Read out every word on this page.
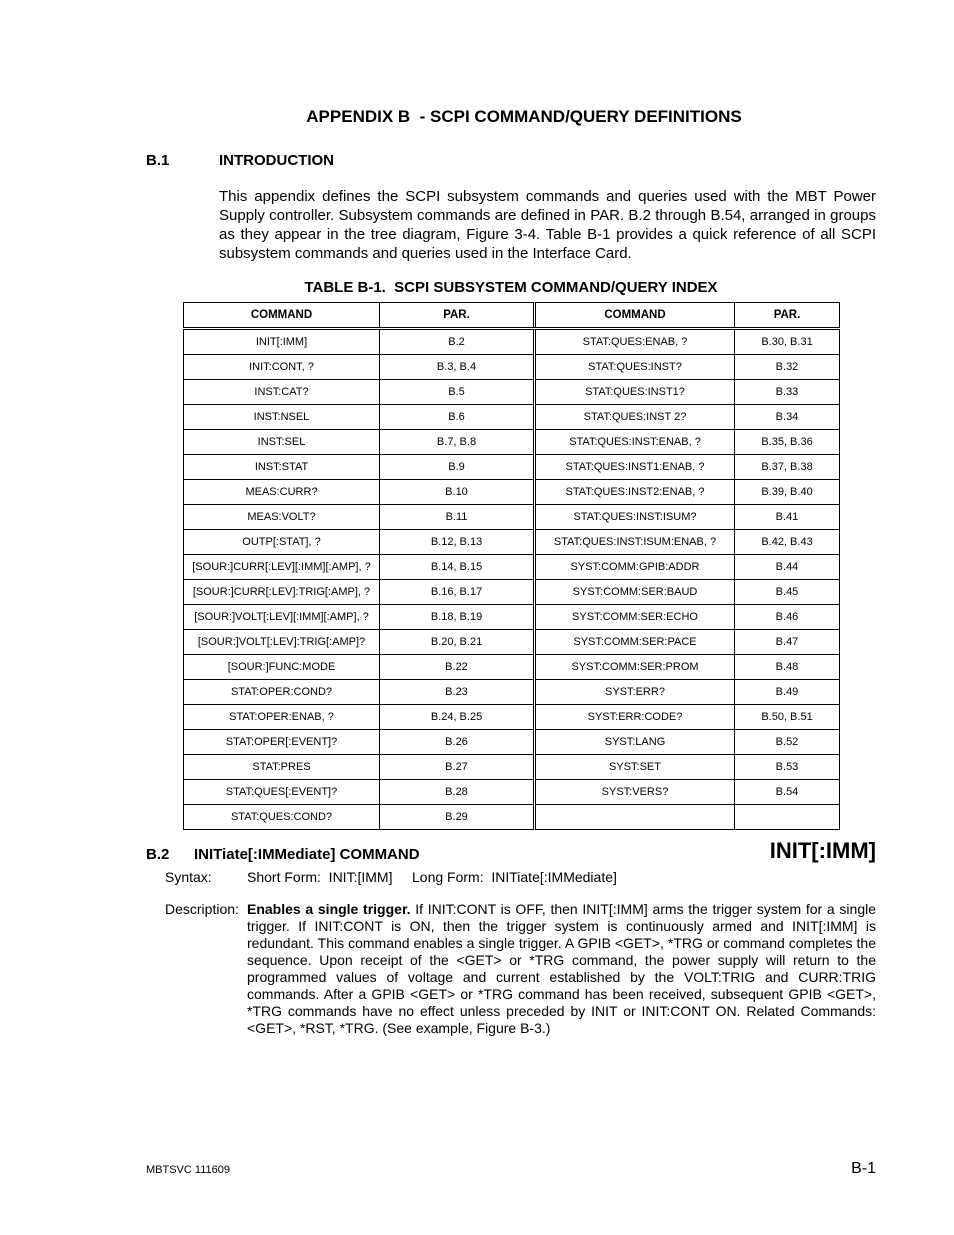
APPENDIX B  - SCPI COMMAND/QUERY DEFINITIONS
B.1	INTRODUCTION
This appendix defines the SCPI subsystem commands and queries used with the MBT Power Supply controller. Subsystem commands are defined in PAR. B.2 through B.54, arranged in groups as they appear in the tree diagram, Figure 3-4. Table B-1 provides a quick reference of all SCPI subsystem commands and queries used in the Interface Card.
TABLE B-1.  SCPI SUBSYSTEM COMMAND/QUERY INDEX
COMMAND	PAR.	COMMAND	PAR.
INIT[:IMM]	B.2	STAT:QUES:ENAB, ?	B.30, B.31
INIT:CONT, ?	B.3, B.4	STAT:QUES:INST?	B.32
INST:CAT?	B.5	STAT:QUES:INST1?	B.33
INST:NSEL	B.6	STAT:QUES:INST 2?	B.34
INST:SEL	B.7, B.8	STAT:QUES:INST:ENAB, ?	B.35, B.36
INST:STAT	B.9	STAT:QUES:INST1:ENAB, ?	B.37, B.38
MEAS:CURR?	B.10	STAT:QUES:INST2:ENAB, ?	B.39, B.40
MEAS:VOLT?	B.11	STAT:QUES:INST:ISUM?	B.41
OUTP[:STAT], ?	B.12, B.13	STAT:QUES:INST:ISUM:ENAB, ?	B.42, B.43
[SOUR:]CURR[:LEV][:IMM][:AMP], ?	B.14, B.15	SYST:COMM:GPIB:ADDR	B.44
[SOUR:]CURR[:LEV]:TRIG[:AMP], ?	B.16, B.17	SYST:COMM:SER:BAUD	B.45
[SOUR:]VOLT[:LEV][:IMM][:AMP], ?	B.18, B.19	SYST:COMM:SER:ECHO	B.46
[SOUR:]VOLT[:LEV]:TRIG[:AMP]?	B.20, B.21	SYST:COMM:SER:PACE	B.47
[SOUR:]FUNC:MODE	B.22	SYST:COMM:SER:PROM	B.48
STAT:OPER:COND?	B.23	SYST:ERR?	B.49
STAT:OPER:ENAB, ?	B.24, B.25	SYST:ERR:CODE?	B.50, B.51
STAT:OPER[:EVENT]?	B.26	SYST:LANG	B.52
STAT:PRES	B.27	SYST:SET	B.53
STAT:QUES[:EVENT]?	B.28	SYST:VERS?	B.54
STAT:QUES:COND?	B.29		
B.2 INITiate[:IMMediate] COMMAND	INIT[:IMM]
Syntax:	Short Form:  INIT:[IMM] Long Form:  INITiate[:IMMediate]
Description: Enables a single trigger. If INIT:CONT is OFF, then INIT[:IMM] arms the trigger system for a single trigger. If INIT:CONT is ON, then the trigger system is continuously armed and INIT[:IMM] is redundant. This command enables a single trigger. A GPIB <GET>, *TRG or command completes the sequence. Upon receipt of the <GET> or *TRG command, the power supply will return to the programmed values of voltage and current established by the VOLT:TRIG and CURR:TRIG commands. After a GPIB <GET> or *TRG command has been received, subsequent GPIB <GET>, *TRG commands have no effect unless preceded by INIT or INIT:CONT ON. Related Commands: <GET>, *RST, *TRG. (See example, Figure B-3.)
MBTSVC 111609	B-1
